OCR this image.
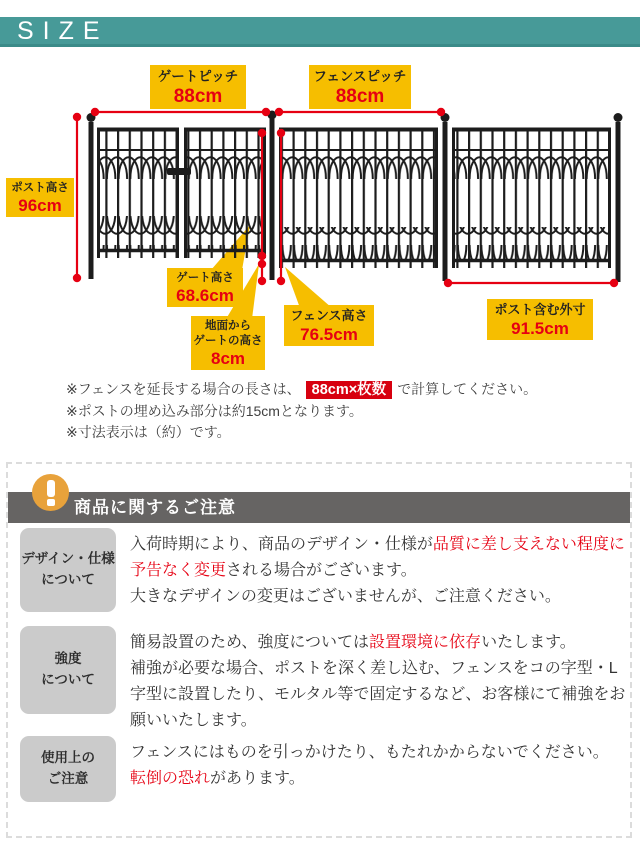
SIZE
ゲートピッチ
88cm
フェンスピッチ
88cm
ポスト高さ
96cm
ゲート高さ
68.6cm
地面から
ゲートの高さ
8cm
フェンス高さ
76.5cm
ポスト含む外寸
91.5cm

※フェンスを延長する場合の長さは、 88cm×枚数 で計算してください。

※ポストの埋め込み部分は約15cmとなります。

※寸法表示は（約）です。

商品に関するご注意
デザイン・仕様
について

入荷時期により、商品のデザイン・仕様が品質に差し支えない程度に予告なく変更される場合がございます。

大きなデザインの変更はございませんが、ご注意ください。

強度
について

簡易設置のため、強度については設置環境に依存いたします。

補強が必要な場合、ポストを深く差し込む、フェンスをコの字型・L字型に設置したり、モルタル等で固定するなど、お客様にて補強をお願いいたします。

使用上の
ご注意

フェンスにはものを引っかけたり、もたれかからないでください。

転倒の恐れがあります。
